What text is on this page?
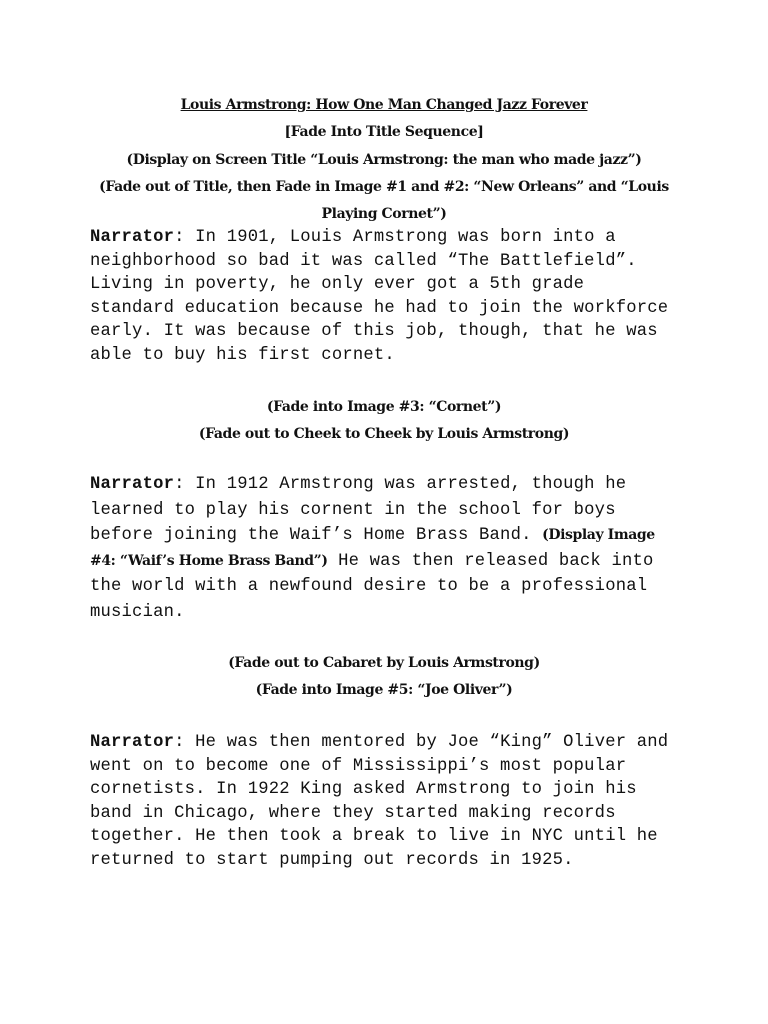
Louis Armstrong: How One Man Changed Jazz Forever
[Fade Into Title Sequence]
(Display on Screen Title “Louis Armstrong: the man who made jazz”)
(Fade out of Title, then Fade in Image #1 and #2: “New Orleans” and “Louis
Playing Cornet”)
Narrator: In 1901, Louis Armstrong was born into a
neighborhood so bad it was called “The Battlefield”.
Living in poverty, he only ever got a 5th grade
standard education because he had to join the workforce
early. It was because of this job, though, that he was
able to buy his first cornet.
(Fade into Image #3: “Cornet”)
(Fade out to Cheek to Cheek by Louis Armstrong)
Narrator: In 1912 Armstrong was arrested, though he
learned to play his cornent in the school for boys
before joining the Waif’s Home Brass Band. (Display Image
#4: “Waif’s Home Brass Band”) He was then released back into
the world with a newfound desire to be a professional
musician.
(Fade out to Cabaret by Louis Armstrong)
(Fade into Image #5: “Joe Oliver”)
Narrator: He was then mentored by Joe “King” Oliver and
went on to become one of Mississippi’s most popular
cornetists. In 1922 King asked Armstrong to join his
band in Chicago, where they started making records
together. He then took a break to live in NYC until he
returned to start pumping out records in 1925.
